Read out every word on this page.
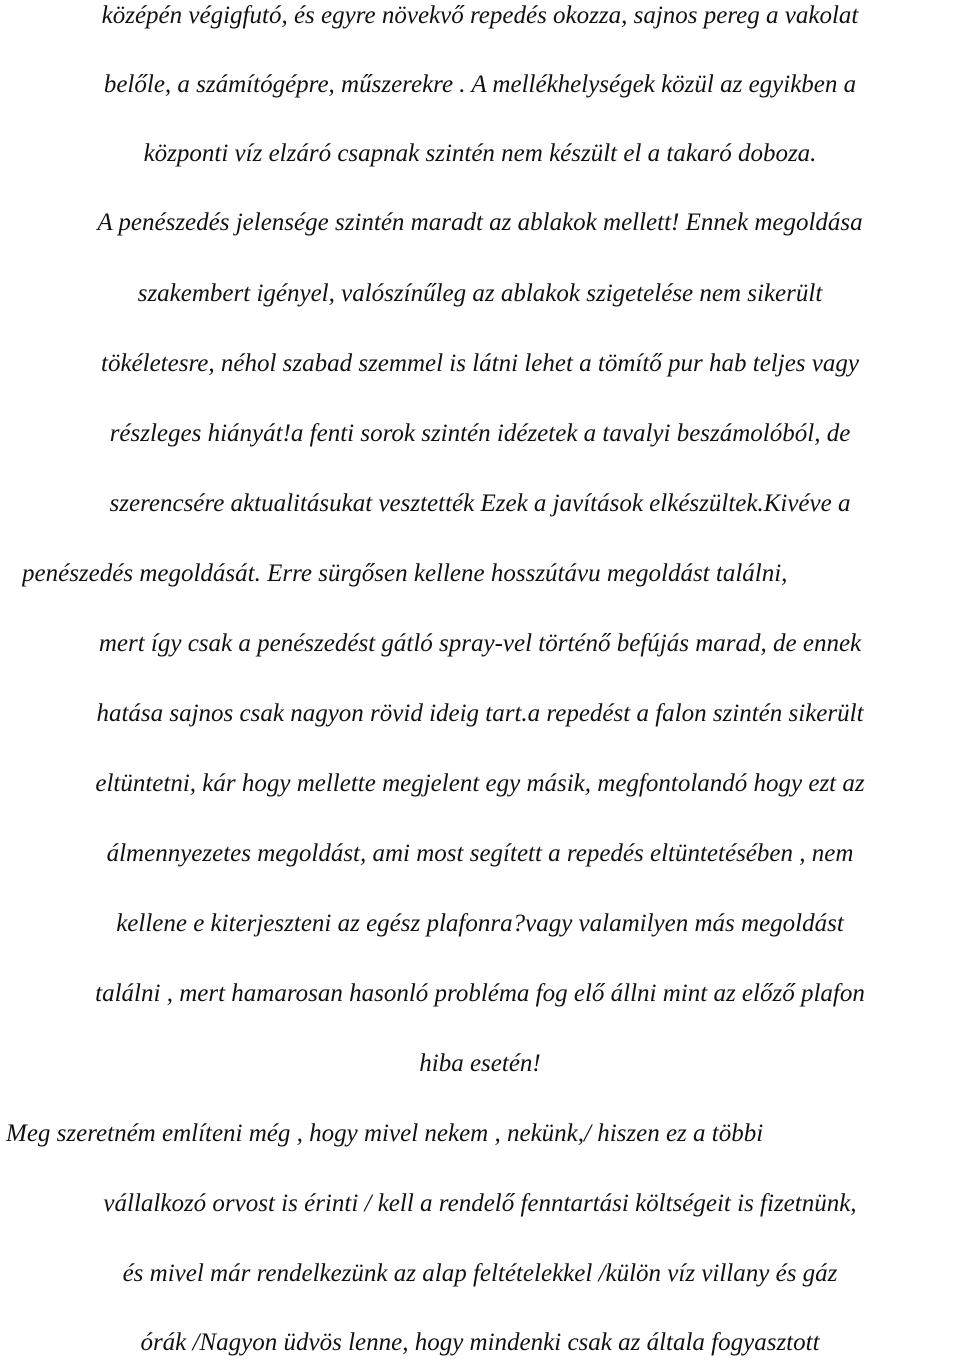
középén végigfutó, és egyre növekvő repedés okozza, sajnos pereg a vakolat
belőle, a számítógépre, műszerekre . A mellékhelységek közül az egyikben a
központi víz elzáró csapnak szintén nem készült el a takaró doboza.
A penészedés jelensége szintén maradt az ablakok mellett! Ennek megoldása
szakembert igényel, valószínűleg az ablakok szigetelése nem sikerült
tökéletesre, néhol szabad szemmel is látni lehet a tömítő pur hab teljes vagy
részleges hiányát!a fenti sorok szintén idézetek a tavalyi beszámolóból, de
szerencsére aktualitásukat vesztették Ezek a javítások elkészültek.Kivéve a
penészedés megoldását. Erre sürgősen kellene hosszútávu megoldást találni,
mert így csak a penészedést gátló spray-vel történő befújás marad, de ennek
hatása sajnos csak nagyon rövid ideig tart.a repedést a falon szintén sikerült
eltüntetni, kár hogy mellette megjelent egy másik, megfontolandó hogy ezt az
álmennyezetes megoldást, ami most segített a repedés eltüntetésében , nem
kellene e kiterjeszteni az egész plafonra?vagy valamilyen más megoldást
találni , mert hamarosan hasonló probléma fog elő állni mint az előző plafon
hiba esetén!
Meg szeretném említeni még , hogy mivel nekem , nekünk,/ hiszen ez a többi
vállalkozó orvost is érinti / kell a rendelő fenntartási költségeit is fizetnünk,
és mivel már rendelkezünk az alap feltételekkel /külön víz villany és gáz
órák /Nagyon üdvös lenne, hogy mindenki csak az általa fogyasztott
